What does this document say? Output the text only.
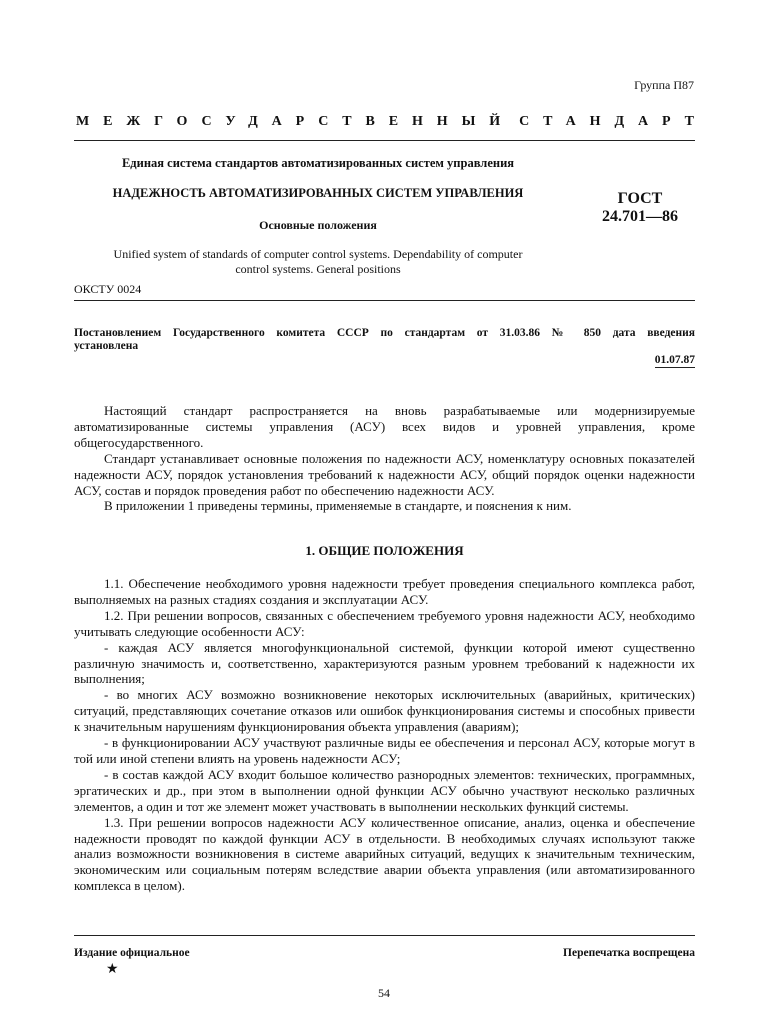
Группа П87
МЕЖГОСУДАРСТВЕННЫЙ СТАНДАРТ
Единая система стандартов автоматизированных систем управления
НАДЕЖНОСТЬ АВТОМАТИЗИРОВАННЫХ СИСТЕМ УПРАВЛЕНИЯ	ГОСТ
24.701—86
Основные положения
Unified system of standards of computer control systems. Dependability of computer
control systems. General positions
ОКСТУ 0024
Постановлением Государственного комитета СССР по стандартам от 31.03.86 № 850 дата введения
установлена
01.07.87

Настоящий стандарт распространяется на вновь разрабатываемые или модернизируемые автоматизированные системы управления (АСУ) всех видов и уровней управления, кроме общегосударственного.

Стандарт устанавливает основные положения по надежности АСУ, номенклатуру основных показателей надежности АСУ, порядок установления требований к надежности АСУ, общий порядок оценки надежности АСУ, состав и порядок проведения работ по обеспечению надежности АСУ.

В приложении 1 приведены термины, применяемые в стандарте, и пояснения к ним.

1. ОБЩИЕ ПОЛОЖЕНИЯ

1.1. Обеспечение необходимого уровня надежности требует проведения специального комплекса работ, выполняемых на разных стадиях создания и эксплуатации АСУ.

1.2. При решении вопросов, связанных с обеспечением требуемого уровня надежности АСУ, необходимо учитывать следующие особенности АСУ:

- каждая АСУ является многофункциональной системой, функции которой имеют существенно различную значимость и, соответственно, характеризуются разным уровнем требований к надежности их выполнения;

- во многих АСУ возможно возникновение некоторых исключительных (аварийных, критических) ситуаций, представляющих сочетание отказов или ошибок функционирования системы и способных привести к значительным нарушениям функционирования объекта управления (авариям);

- в функционировании АСУ участвуют различные виды ее обеспечения и персонал АСУ, которые могут в той или иной степени влиять на уровень надежности АСУ;

- в состав каждой АСУ входит большое количество разнородных элементов: технических, программных, эргатических и др., при этом в выполнении одной функции АСУ обычно участвуют несколько различных элементов, а один и тот же элемент может участвовать в выполнении нескольких функций системы.

1.3. При решении вопросов надежности АСУ количественное описание, анализ, оценка и обеспечение надежности проводят по каждой функции АСУ в отдельности. В необходимых случаях используют также анализ возможности возникновения в системе аварийных ситуаций, ведущих к значительным техническим, экономическим или социальным потерям вследствие аварии объекта управления (или автоматизированного комплекса в целом).

Издание официальное	Перепечатка воспрещена
★
54
